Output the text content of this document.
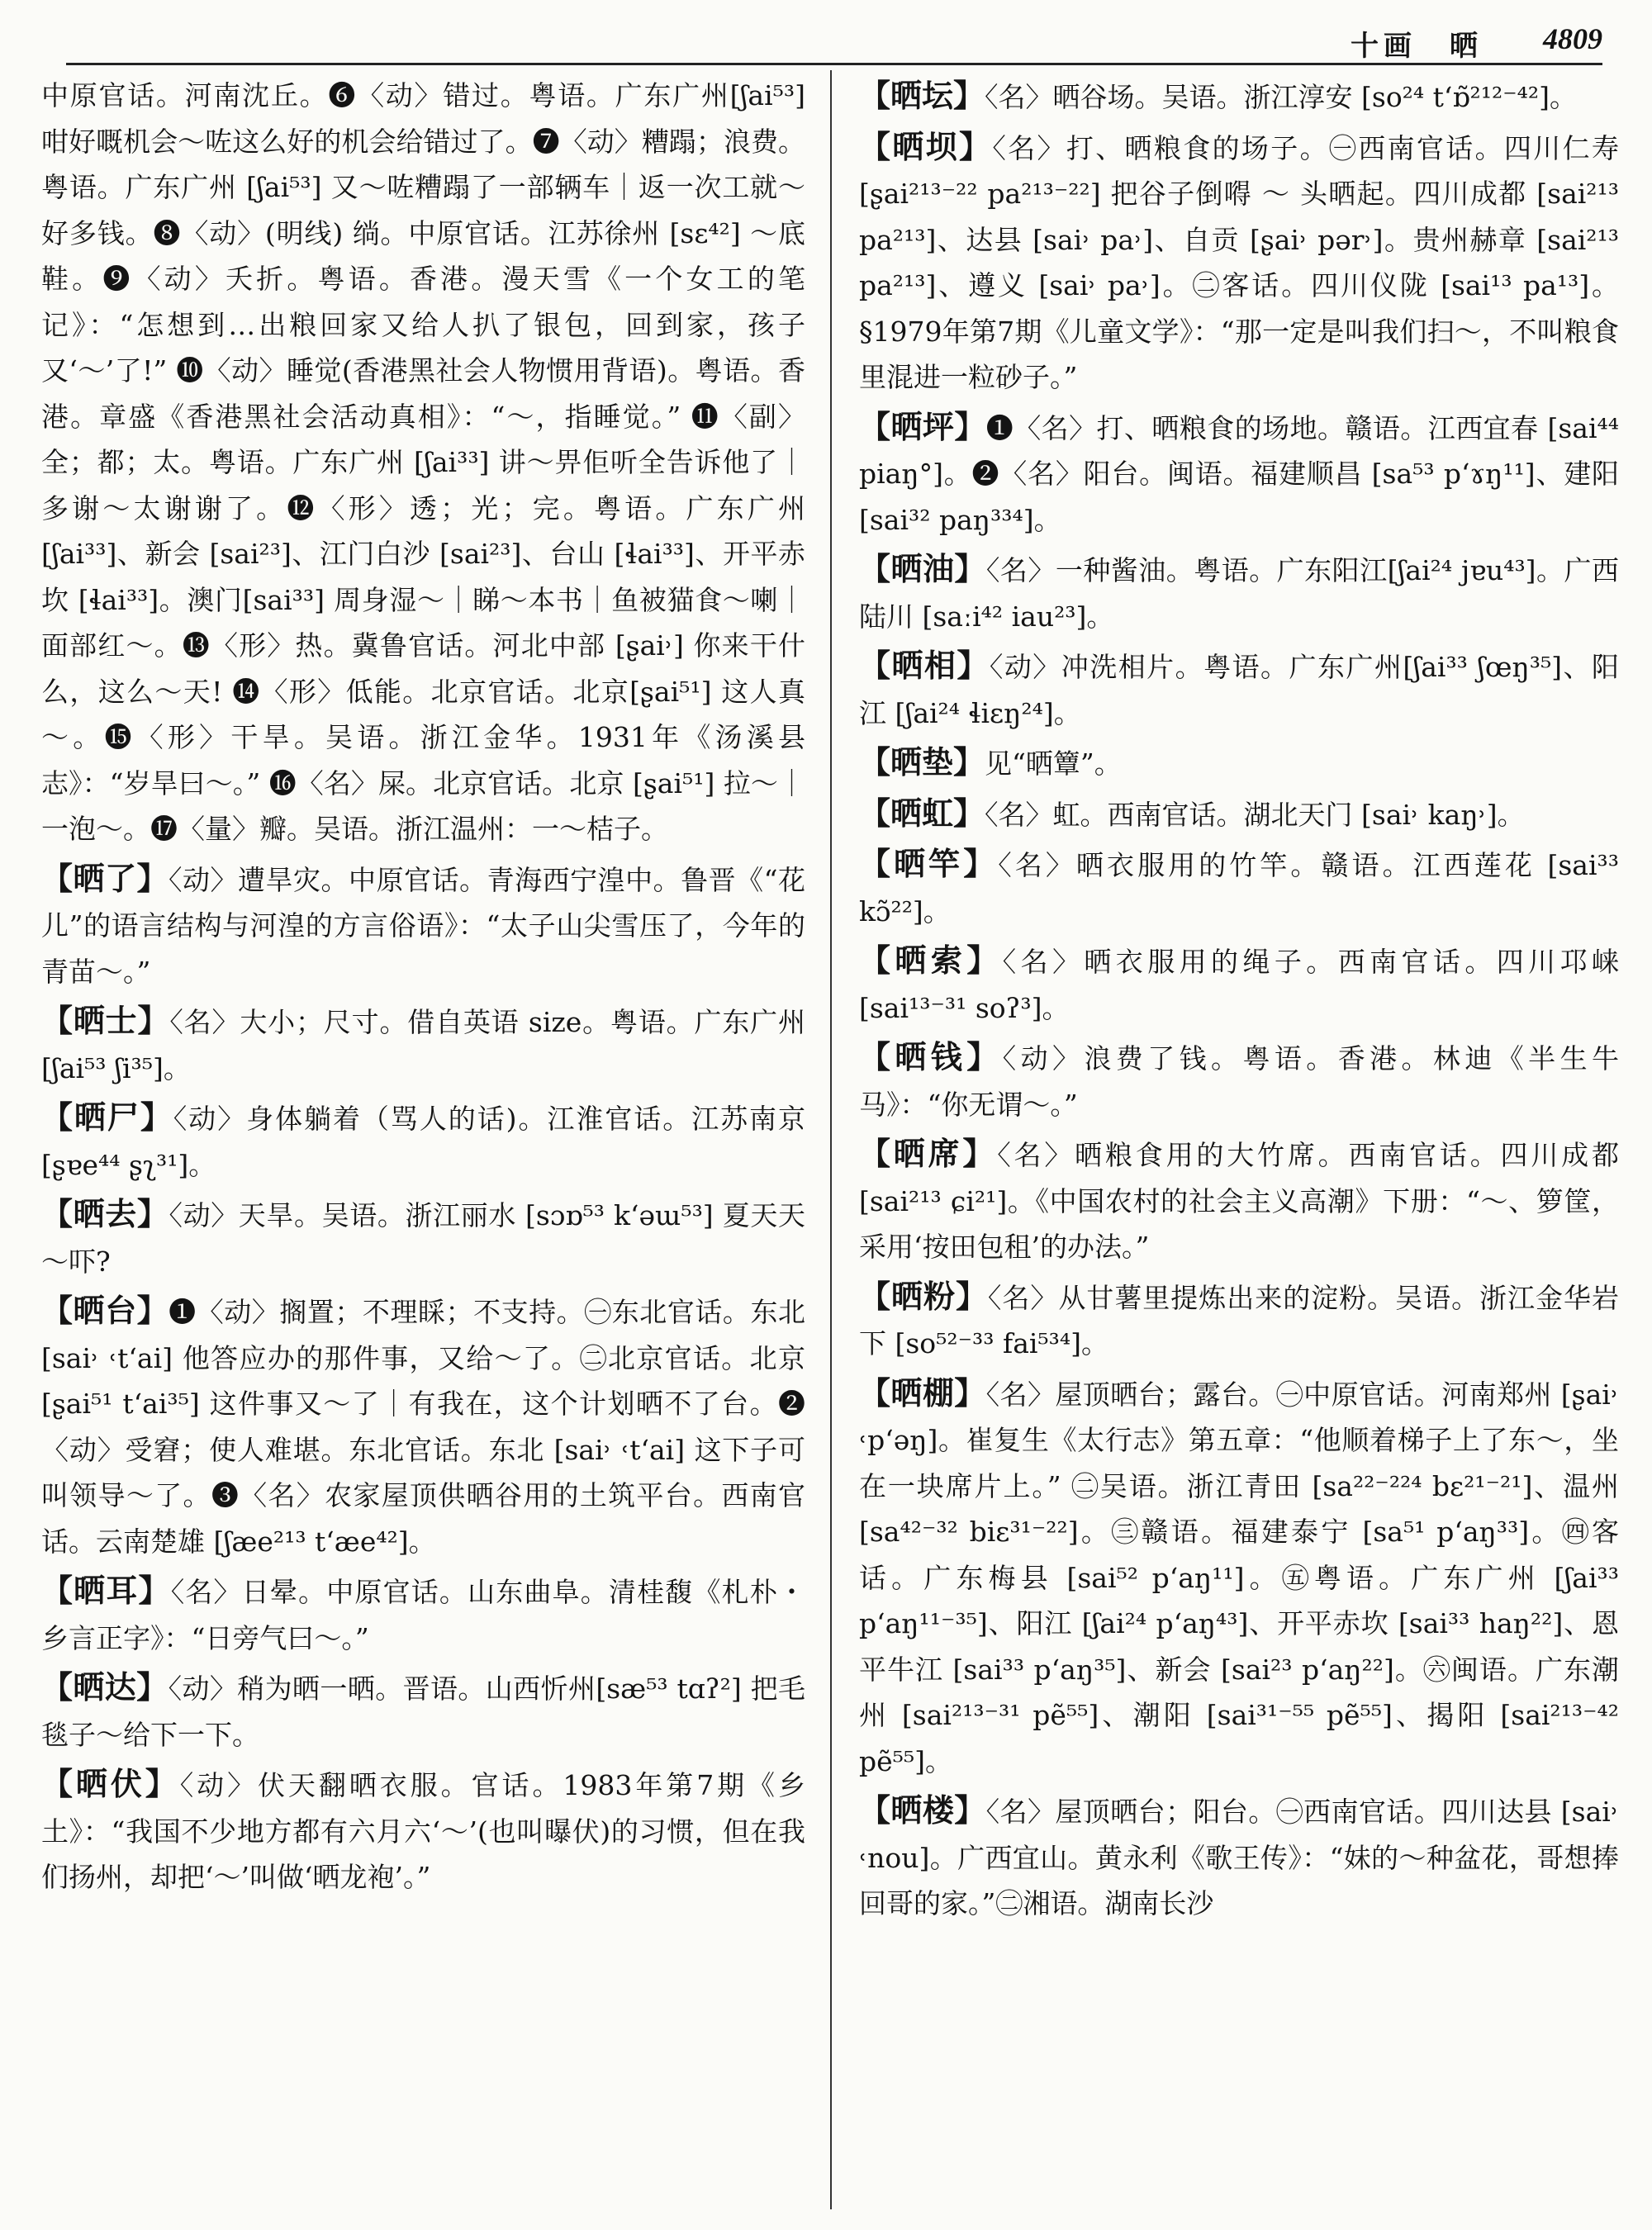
十画　晒 4809

中原官话。河南沈丘。❻〈动〉错过。粤语。广东广州[ʃai⁵³] 咁好嘅机会～咗这么好的机会给错过了。❼〈动〉糟蹋；浪费。粤语。广东广州 [ʃai⁵³] 又～咗糟蹋了一部辆车｜返一次工就～好多钱。❽〈动〉(明线) 绱。中原官话。江苏徐州 [sɛ⁴²] ～底鞋。❾〈动〉夭折。粤语。香港。漫天雪《一个女工的笔记》：“怎想到…出粮回家又给人扒了银包，回到家，孩子又‘～’了!” ❿〈动〉睡觉(香港黑社会人物惯用背语)。粤语。香港。章盛《香港黑社会活动真相》：“～，指睡觉。” ⓫〈副〉全；都；太。粤语。广东广州 [ʃai³³] 讲～畀佢听全告诉他了｜多谢～太谢谢了。⓬〈形〉透；光；完。粤语。广东广州 [ʃai³³]、新会 [sai²³]、江门白沙 [sai²³]、台山 [ɬai³³]、开平赤坎 [ɬai³³]。澳门[sai³³] 周身湿～｜睇～本书｜鱼被猫食～喇｜面部红～。⓭〈形〉热。冀鲁官话。河北中部 [ʂai˒] 你来干什么，这么～天! ⓮〈形〉低能。北京官话。北京[ʂai⁵¹] 这人真～。⓯〈形〉干旱。吴语。浙江金华。1931年《汤溪县志》：“岁旱曰～。” ⓰〈名〉屎。北京官话。北京 [ʂai⁵¹] 拉～｜一泡～。⓱〈量〉瓣。吴语。浙江温州：一～桔子。

【晒了】〈动〉遭旱灾。中原官话。青海西宁湟中。鲁晋《“花儿”的语言结构与河湟的方言俗语》：“太子山尖雪压了，今年的青苗～。”

【晒士】〈名〉大小；尺寸。借自英语 size。粤语。广东广州 [ʃai⁵³ ʃi³⁵]。

【晒尸】〈动〉身体躺着（骂人的话)。江淮官话。江苏南京 [ʂɐe⁴⁴ ʂʅ³¹]。

【晒去】〈动〉天旱。吴语。浙江丽水 [sɔɒ⁵³ k‘əɯ⁵³] 夏天天～吓?

【晒台】❶〈动〉搁置；不理睬；不支持。㊀东北官话。东北 [sai˒ ˓t‘ai] 他答应办的那件事，又给～了。㊁北京官话。北京[ʂai⁵¹ t‘ai³⁵] 这件事又～了｜有我在，这个计划晒不了台。❷〈动〉受窘；使人难堪。东北官话。东北 [sai˒ ˓t‘ai] 这下子可叫领导～了。❸〈名〉农家屋顶供晒谷用的土筑平台。西南官话。云南楚雄 [ʃæe²¹³ t‘æe⁴²]。

【晒耳】〈名〉日晕。中原官话。山东曲阜。清桂馥《札朴・乡言正字》：“日旁气曰～。”

【晒达】〈动〉稍为晒一晒。晋语。山西忻州[sæ⁵³ tɑʔ²] 把毛毯子～给下一下。

【晒伏】〈动〉伏天翻晒衣服。官话。1983年第7期《乡土》：“我国不少地方都有六月六‘～’(也叫曝伏)的习惯，但在我们扬州，却把‘～’叫做‘晒龙袍’。”

【晒坛】〈名〉晒谷场。吴语。浙江淳安 [so²⁴ t‘ɒ̃²¹²⁻⁴²]。

【晒坝】〈名〉打、晒粮食的场子。㊀西南官话。四川仁寿 [ʂai²¹³⁻²² pa²¹³⁻²²] 把谷子倒嘚 ～ 头晒起。四川成都 [sai²¹³ pa²¹³]、达县 [sai˒ pa˒]、自贡 [ʂai˒ pər˒]。贵州赫章 [sai²¹³ pa²¹³]、遵义 [sai˒ pa˒]。㊁客话。四川仪陇 [sai¹³ pa¹³]。§1979年第7期《儿童文学》：“那一定是叫我们扫～，不叫粮食里混进一粒砂子。”

【晒坪】❶〈名〉打、晒粮食的场地。赣语。江西宜春 [sai⁴⁴ piaŋ°]。❷〈名〉阳台。闽语。福建顺昌 [sa⁵³ p‘ɤŋ¹¹]、建阳 [sai³² paŋ³³⁴]。

【晒油】〈名〉一种酱油。粤语。广东阳江[ʃai²⁴ jɐu⁴³]。广西陆川 [saːi⁴² iau²³]。

【晒相】〈动〉冲洗相片。粤语。广东广州[ʃai³³ ʃœŋ³⁵]、阳江 [ʃai²⁴ ɬiɛŋ²⁴]。

【晒垫】见“晒簟”。

【晒虹】〈名〉虹。西南官话。湖北天门 [sai˒ kaŋ˒]。

【晒竿】〈名〉晒衣服用的竹竿。赣语。江西莲花 [sai³³ kɔ̃²²]。

【晒索】〈名〉晒衣服用的绳子。西南官话。四川邛崃 [sai¹³⁻³¹ soʔ³]。

【晒钱】〈动〉浪费了钱。粤语。香港。林迪《半生牛马》：“你无谓～。”

【晒席】〈名〉晒粮食用的大竹席。西南官话。四川成都 [sai²¹³ ɕi²¹]。《中国农村的社会主义高潮》下册：“～、箩筐，采用‘按田包租’的办法。”

【晒粉】〈名〉从甘薯里提炼出来的淀粉。吴语。浙江金华岩下 [so⁵²⁻³³ fai⁵³⁴]。

【晒棚】〈名〉屋顶晒台；露台。㊀中原官话。河南郑州 [ʂai˒ ˓p‘əŋ]。崔复生《太行志》第五章：“他顺着梯子上了东～，坐在一块席片上。” ㊁吴语。浙江青田 [sa²²⁻²²⁴ bɛ²¹⁻²¹]、温州[sa⁴²⁻³² biɛ³¹⁻²²]。㊂赣语。福建泰宁 [sa⁵¹ p‘aŋ³³]。㊃客话。广东梅县 [sai⁵² p‘aŋ¹¹]。㊄粤语。广东广州 [ʃai³³ p‘aŋ¹¹⁻³⁵]、阳江 [ʃai²⁴ p‘aŋ⁴³]、开平赤坎 [sai³³ haŋ²²]、恩平牛江 [sai³³ p‘aŋ³⁵]、新会 [sai²³ p‘aŋ²²]。㊅闽语。广东潮州 [sai²¹³⁻³¹ pẽ⁵⁵]、潮阳 [sai³¹⁻⁵⁵ pẽ⁵⁵]、揭阳 [sai²¹³⁻⁴² pẽ⁵⁵]。

【晒楼】〈名〉屋顶晒台；阳台。㊀西南官话。四川达县 [sai˒ ˓nou]。广西宜山。黄永利《歌王传》：“妹的～种盆花，哥想捧回哥的家。”㊁湘语。湖南长沙
